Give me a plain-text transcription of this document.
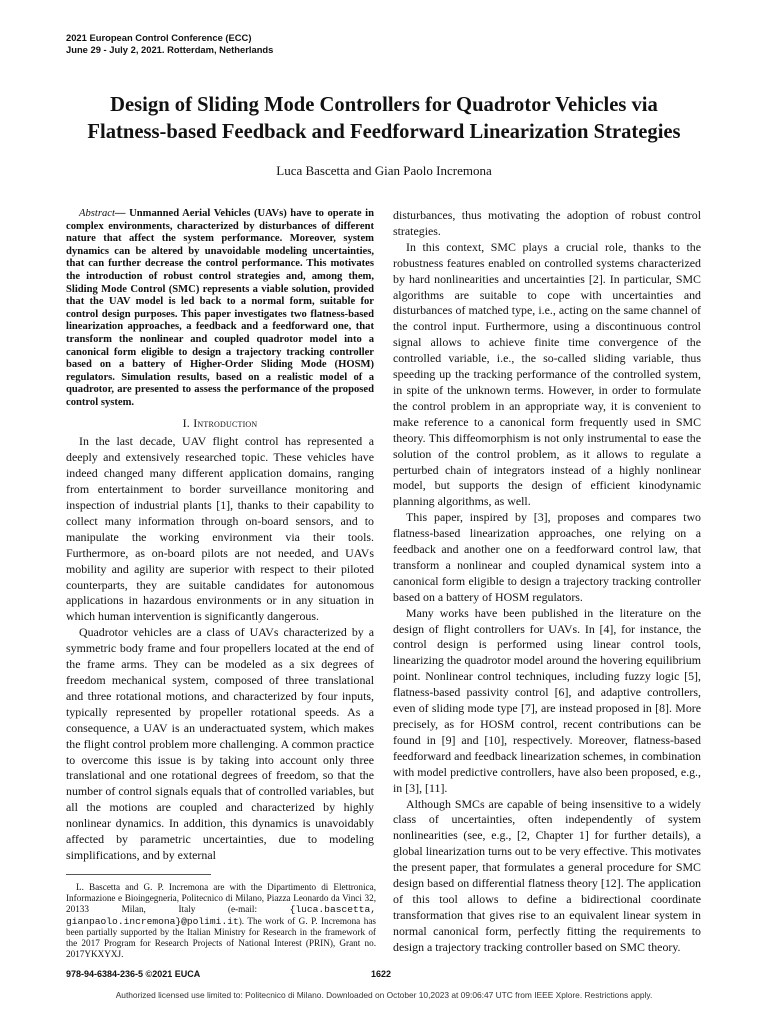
2021 European Control Conference (ECC)
June 29 - July 2, 2021. Rotterdam, Netherlands
Design of Sliding Mode Controllers for Quadrotor Vehicles via
Flatness-based Feedback and Feedforward Linearization Strategies
Luca Bascetta and Gian Paolo Incremona

Abstract— Unmanned Aerial Vehicles (UAVs) have to operate in complex environments, characterized by disturbances of different nature that affect the system performance. Moreover, system dynamics can be altered by unavoidable modeling uncertainties, that can further decrease the control performance. This motivates the introduction of robust control strategies and, among them, Sliding Mode Control (SMC) represents a viable solution, provided that the UAV model is led back to a normal form, suitable for control design purposes. This paper investigates two flatness-based linearization approaches, a feedback and a feedforward one, that transform the nonlinear and coupled quadrotor model into a canonical form eligible to design a trajectory tracking controller based on a battery of Higher-Order Sliding Mode (HOSM) regulators. Simulation results, based on a realistic model of a quadrotor, are presented to assess the performance of the proposed control system.

I. Introduction

In the last decade, UAV flight control has represented a deeply and extensively researched topic. These vehicles have indeed changed many different application domains, ranging from entertainment to border surveillance monitoring and inspection of industrial plants [1], thanks to their capability to collect many information through on-board sensors, and to manipulate the working environment via their tools. Furthermore, as on-board pilots are not needed, and UAVs mobility and agility are superior with respect to their piloted counterparts, they are suitable candidates for autonomous applications in hazardous environments or in any situation in which human intervention is significantly dangerous.

Quadrotor vehicles are a class of UAVs characterized by a symmetric body frame and four propellers located at the end of the frame arms. They can be modeled as a six degrees of freedom mechanical system, composed of three translational and three rotational motions, and characterized by four inputs, typically represented by propeller rotational speeds. As a consequence, a UAV is an underactuated system, which makes the flight control problem more challenging. A common practice to overcome this issue is by taking into account only three translational and one rotational degrees of freedom, so that the number of control signals equals that of controlled variables, but all the motions are coupled and characterized by highly nonlinear dynamics. In addition, this dynamics is unavoidably affected by parametric uncertainties, due to modeling simplifications, and by external

disturbances, thus motivating the adoption of robust control strategies.

In this context, SMC plays a crucial role, thanks to the robustness features enabled on controlled systems characterized by hard nonlinearities and uncertainties [2]. In particular, SMC algorithms are suitable to cope with uncertainties and disturbances of matched type, i.e., acting on the same channel of the control input. Furthermore, using a discontinuous control signal allows to achieve finite time convergence of the controlled variable, i.e., the so-called sliding variable, thus speeding up the tracking performance of the controlled system, in spite of the unknown terms. However, in order to formulate the control problem in an appropriate way, it is convenient to make reference to a canonical form frequently used in SMC theory. This diffeomorphism is not only instrumental to ease the solution of the control problem, as it allows to regulate a perturbed chain of integrators instead of a highly nonlinear model, but supports the design of efficient kinodynamic planning algorithms, as well.

This paper, inspired by [3], proposes and compares two flatness-based linearization approaches, one relying on a feedback and another one on a feedforward control law, that transform a nonlinear and coupled dynamical system into a canonical form eligible to design a trajectory tracking controller based on a battery of HOSM regulators.

Many works have been published in the literature on the design of flight controllers for UAVs. In [4], for instance, the control design is performed using linear control tools, linearizing the quadrotor model around the hovering equilibrium point. Nonlinear control techniques, including fuzzy logic [5], flatness-based passivity control [6], and adaptive controllers, even of sliding mode type [7], are instead proposed in [8]. More precisely, as for HOSM control, recent contributions can be found in [9] and [10], respectively. Moreover, flatness-based feedforward and feedback linearization schemes, in combination with model predictive controllers, have also been proposed, e.g., in [3], [11].

Although SMCs are capable of being insensitive to a widely class of uncertainties, often independently of system nonlinearities (see, e.g., [2, Chapter 1] for further details), a global linearization turns out to be very effective. This motivates the present paper, that formulates a general procedure for SMC design based on differential flatness theory [12]. The application of this tool allows to define a bidirectional coordinate transformation that gives rise to an equivalent linear system in normal canonical form, perfectly fitting the requirements to design a trajectory tracking controller based on SMC theory.

L. Bascetta and G. P. Incremona are with the Dipartimento di Elettronica, Informazione e Bioingegneria, Politecnico di Milano, Piazza Leonardo da Vinci 32, 20133 Milan, Italy (e-mail: {luca.bascetta, gianpaolo.incremona}@polimi.it). The work of G. P. Incremona has been partially supported by the Italian Ministry for Research in the framework of the 2017 Program for Research Projects of National Interest (PRIN), Grant no. 2017YKXYXJ.
978-94-6384-236-5 ©2021 EUCA	1622
Authorized licensed use limited to: Politecnico di Milano. Downloaded on October 10,2023 at 09:06:47 UTC from IEEE Xplore. Restrictions apply.
